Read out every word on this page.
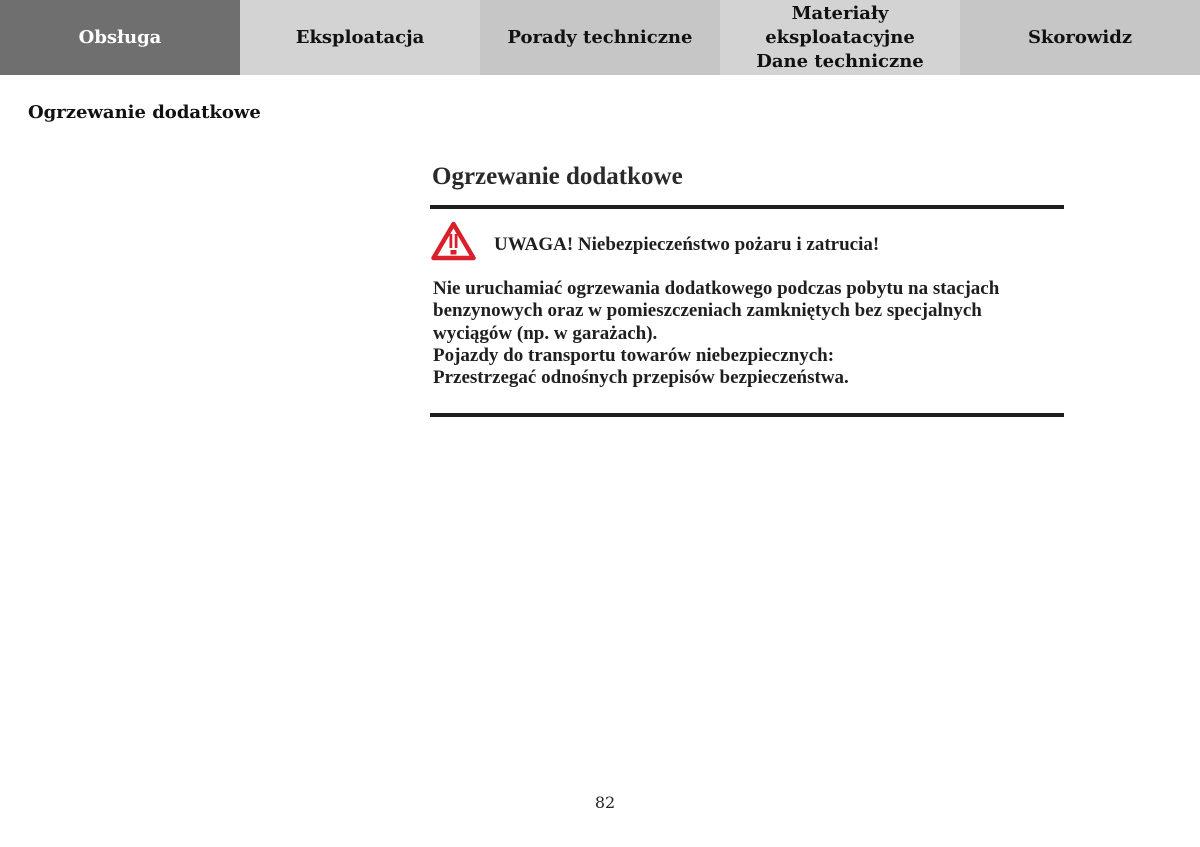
Obsługa	Eksploatacja	Porady techniczne
Materiały eksploatacyjne
Dane techniczne
Skorowidz
Ogrzewanie dodatkowe
Ogrzewanie dodatkowe
UWAGA! Niebezpieczeństwo pożaru i zatrucia!

Nie uruchamiać ogrzewania dodatkowego podczas pobytu na stacjach
benzynowych oraz w pomieszczeniach zamkniętych bez specjalnych
wyciągów (np. w garażach).
Pojazdy do transportu towarów niebezpiecznych:
Przestrzegać odnośnych przepisów bezpieczeństwa.

82
